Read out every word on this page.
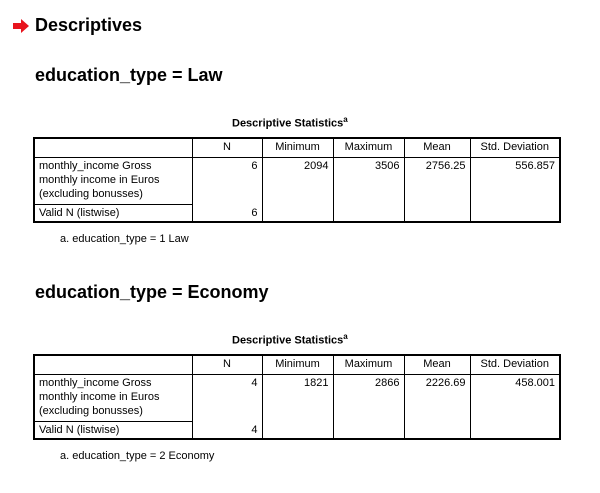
Descriptives
education_type = Law
Descriptive Statistics$^a$
	N	Minimum	Maximum	Mean	Std. Deviation
monthly_income Gross monthly income in Euros (excluding bonusses)	6	2094	3506	2756.25	556.857
Valid N (listwise)	6				
a. education_type = 1 Law
education_type = Economy
Descriptive Statistics$^a$
	N	Minimum	Maximum	Mean	Std. Deviation
monthly_income Gross monthly income in Euros (excluding bonusses)	4	1821	2866	2226.69	458.001
Valid N (listwise)	4				
a. education_type = 2 Economy
